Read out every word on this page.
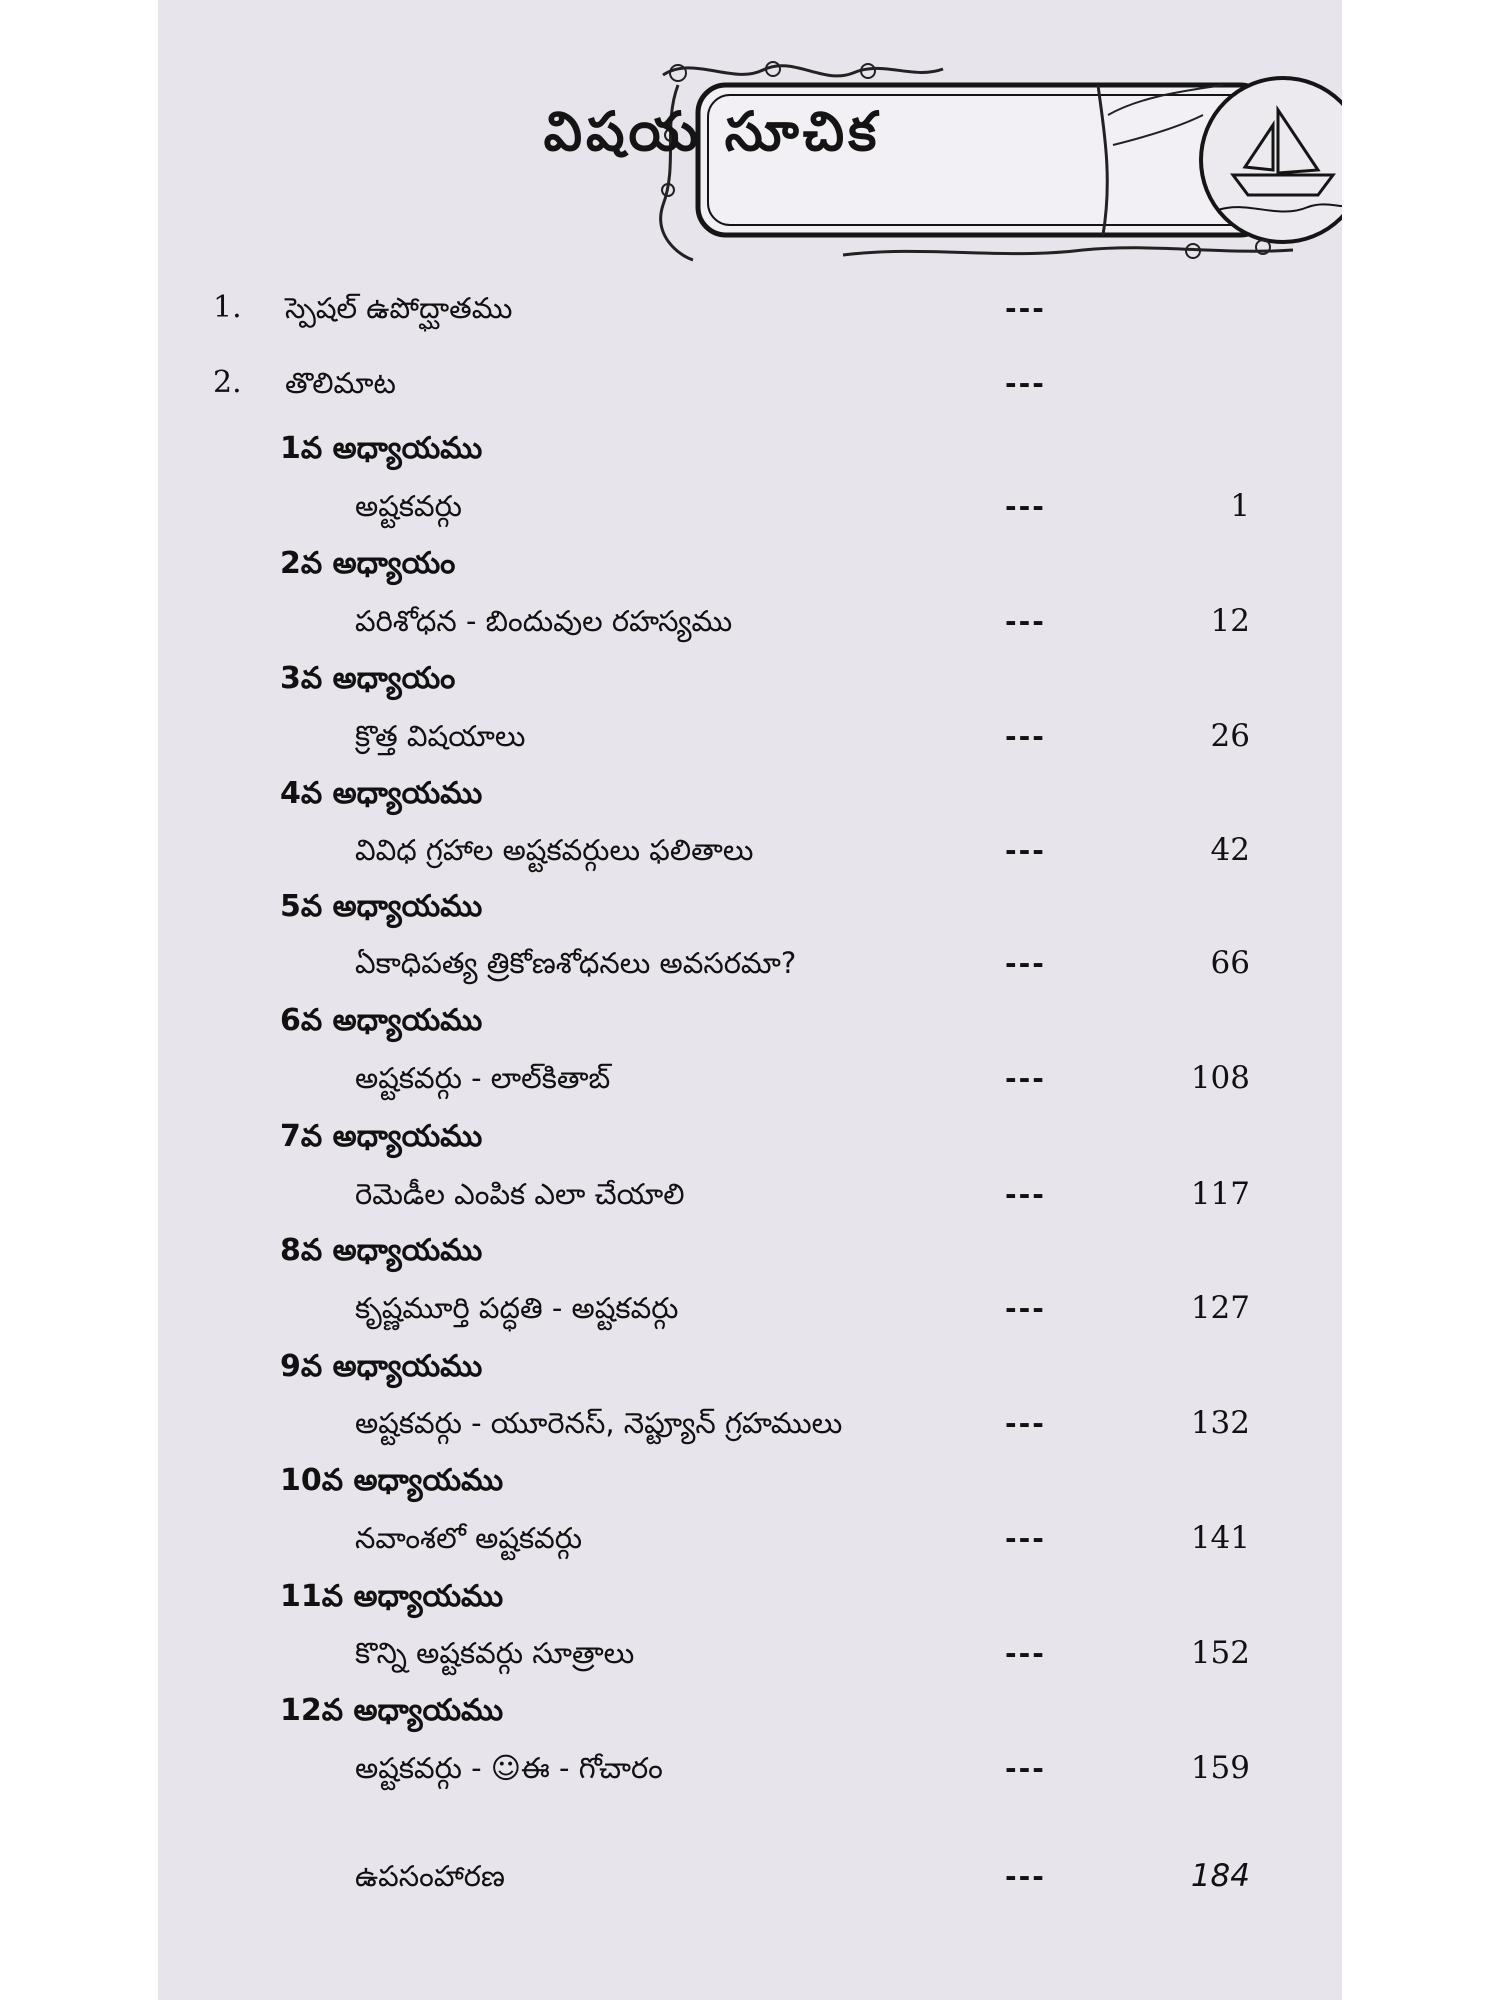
విషయ సూచిక
1. స్పెషల్ ఉపోద్ఘాతము	---
2. తొలిమాట	---
1వ అధ్యాయము
అష్టకవర్గు	---	1
2వ అధ్యాయం
పరిశోధన - బిందువుల రహస్యము	---	12
3వ అధ్యాయం
క్రొత్త విషయాలు	---	26
4వ అధ్యాయము
వివిధ గ్రహాల అష్టకవర్గులు ఫలితాలు	---	42
5వ అధ్యాయము
ఏకాధిపత్య త్రికోణశోధనలు అవసరమా?	---	66
6వ అధ్యాయము
అష్టకవర్గు - లాల్‌కితాబ్	---	108
7వ అధ్యాయము
రెమెడీల ఎంపిక ఎలా చేయాలి	---	117
8వ అధ్యాయము
కృష్ణమూర్తి పద్ధతి - అష్టకవర్గు	---	127
9వ అధ్యాయము
అష్టకవర్గు - యూరెనస్, నెప్ట్యూన్ గ్రహములు	---	132
10వ అధ్యాయము
నవాంశలో అష్టకవర్గు	---	141
11వ అధ్యాయము
కొన్ని అష్టకవర్గు సూత్రాలు	---	152
12వ అధ్యాయము
అష్టకవర్గు - ☺ఈ - గోచారం	---	159
ఉపసంహారణ	---	184
